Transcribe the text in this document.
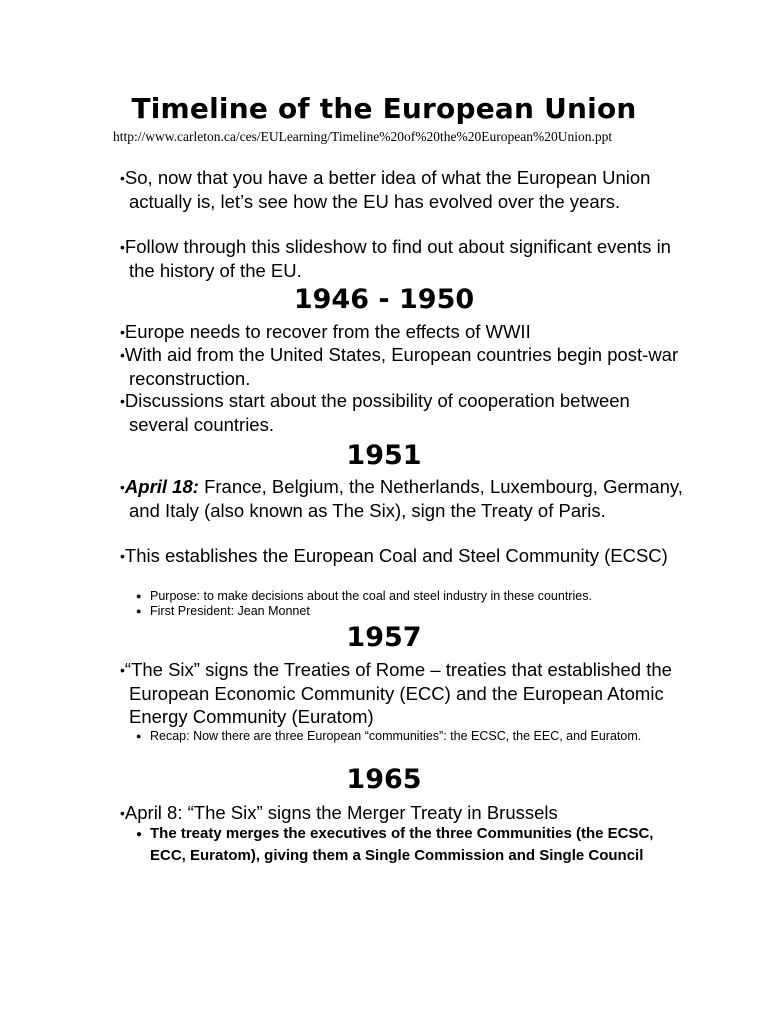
Timeline of the European Union
http://www.carleton.ca/ces/EULearning/Timeline%20of%20the%20European%20Union.ppt
•So, now that you have a better idea of what the European Union actually is, let’s see how the EU has evolved over the years.
•Follow through this slideshow to find out about significant events in the history of the EU.
1946 - 1950
•Europe needs to recover from the effects of WWII
•With aid from the United States, European countries begin post-war reconstruction.
•Discussions start about the possibility of cooperation between several countries.
1951
•April 18: France, Belgium, the Netherlands, Luxembourg, Germany, and Italy (also known as The Six), sign the Treaty of Paris.
•This establishes the European Coal and Steel Community (ECSC)
● Purpose: to make decisions about the coal and steel industry in these countries.
● First President: Jean Monnet
1957
•“The Six” signs the Treaties of Rome – treaties that established the European Economic Community (ECC) and the European Atomic Energy Community (Euratom)
● Recap: Now there are three European “communities”: the ECSC, the EEC, and Euratom.
1965
•April 8: “The Six” signs the Merger Treaty in Brussels
● The treaty merges the executives of the three Communities (the ECSC, ECC, Euratom), giving them a Single Commission and Single Council
